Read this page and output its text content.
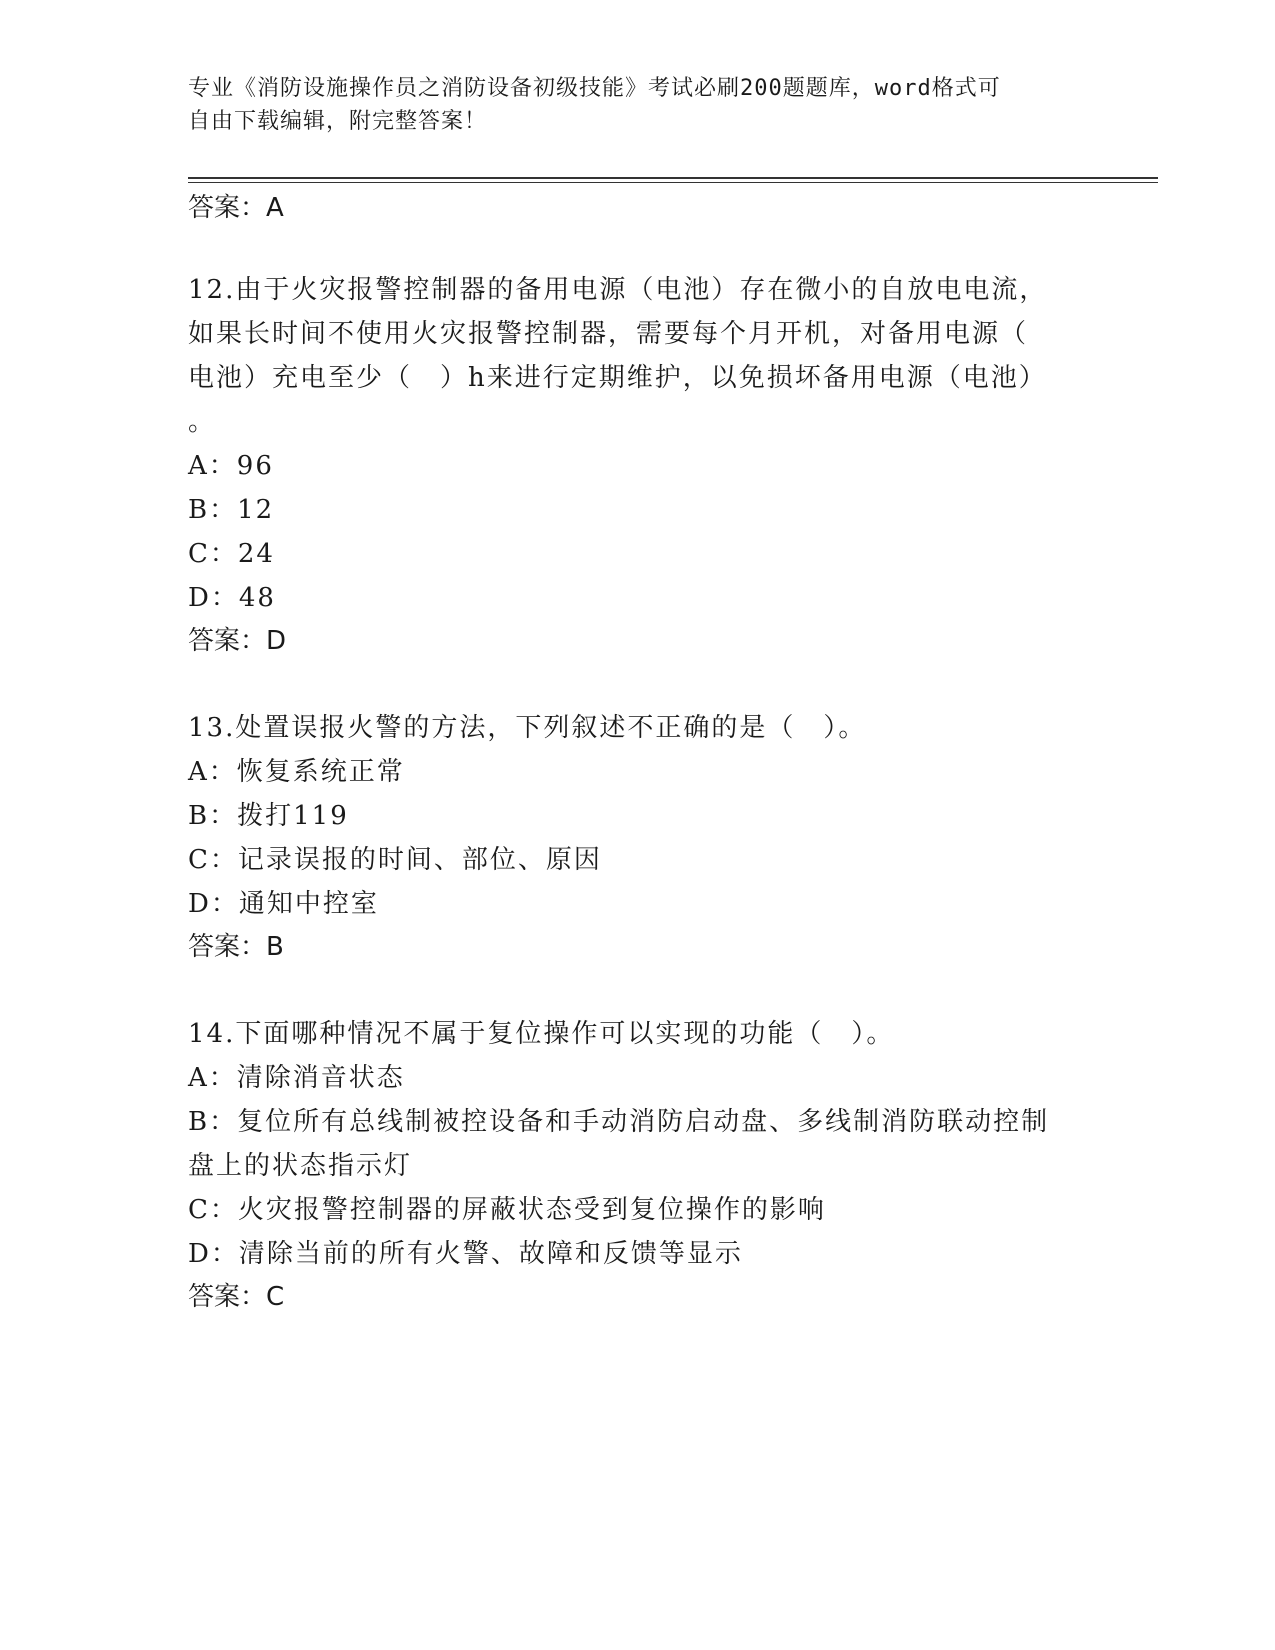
专业《消防设施操作员之消防设备初级技能》考试必刷200题题库，word格式可
自由下载编辑，附完整答案！
答案：A
12.由于火灾报警控制器的备用电源（电池）存在微小的自放电电流，
如果长时间不使用火灾报警控制器，需要每个月开机，对备用电源（
电池）充电至少（　）h来进行定期维护，以免损坏备用电源（电池）
。
A：96
B：12
C：24
D：48
答案：D
13.处置误报火警的方法，下列叙述不正确的是（　）。
A：恢复系统正常
B：拨打119
C：记录误报的时间、部位、原因
D：通知中控室
答案：B
14.下面哪种情况不属于复位操作可以实现的功能（　）。
A：清除消音状态
B：复位所有总线制被控设备和手动消防启动盘、多线制消防联动控制
盘上的状态指示灯
C：火灾报警控制器的屏蔽状态受到复位操作的影响
D：清除当前的所有火警、故障和反馈等显示
答案：C
